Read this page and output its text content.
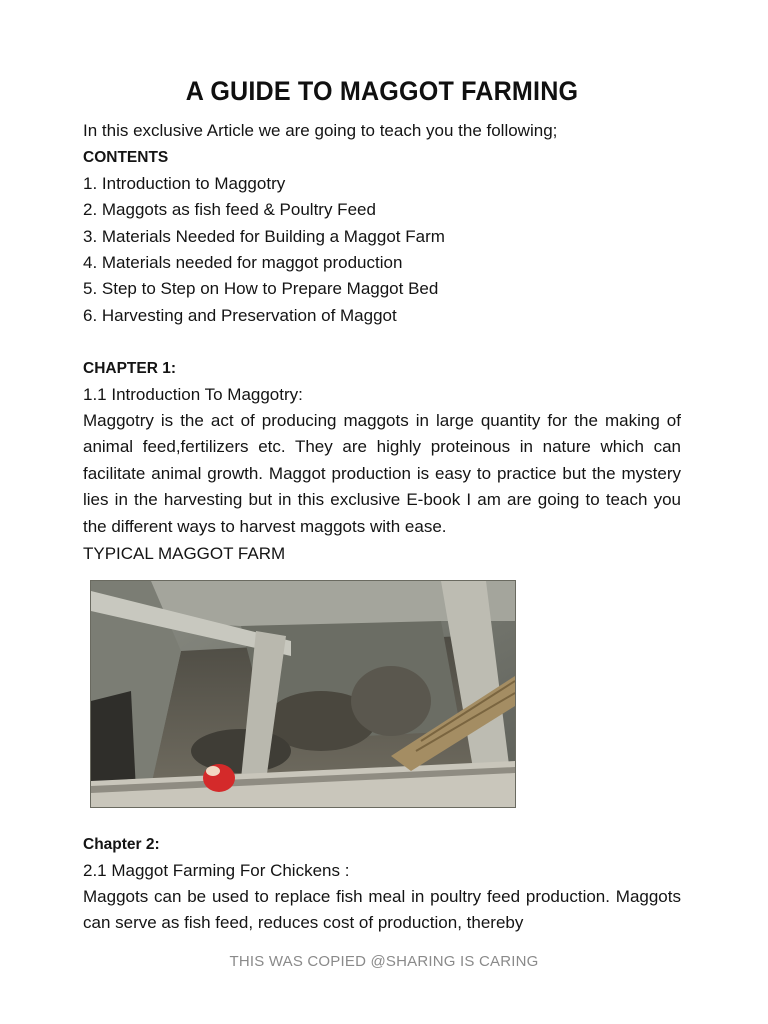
A GUIDE TO MAGGOT FARMING

In this exclusive Article we are going to teach you the following;

CONTENTS

1. Introduction to Maggotry

2. Maggots as fish feed & Poultry Feed

3. Materials Needed for Building a Maggot Farm

4. Materials needed for maggot production

5. Step to Step on How to Prepare Maggot Bed

6. Harvesting and Preservation of Maggot

CHAPTER 1:

1.1 Introduction To Maggotry:

Maggotry is the act of producing maggots in large quantity for the making of animal feed,fertilizers etc. They are highly proteinous in nature which can facilitate animal growth. Maggot production is easy to practice but the mystery lies in the harvesting but in this exclusive E-book I am are going to teach you the different ways to harvest maggots with ease.

TYPICAL MAGGOT FARM

Chapter 2:

2.1 Maggot Farming For Chickens :

Maggots can be used to replace fish meal in poultry feed production. Maggots can serve as fish feed, reduces cost of production, thereby

THIS WAS COPIED @SHARING IS CARING
